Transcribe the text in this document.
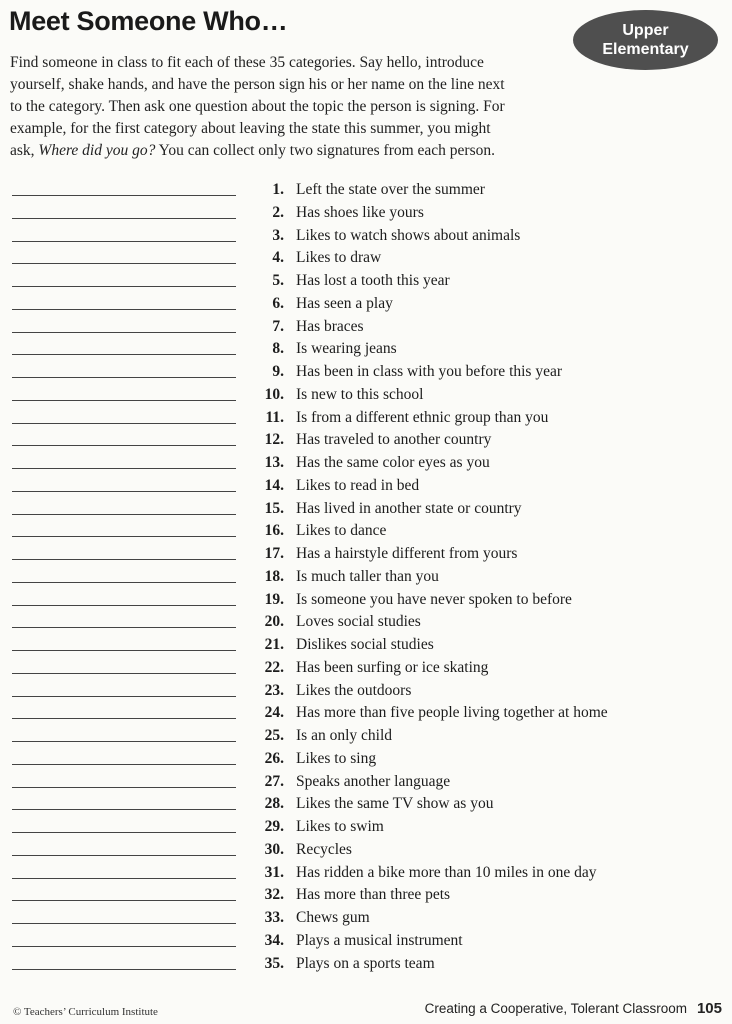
Meet Someone Who…	Upper
Elementary
Find someone in class to fit each of these 35 categories. Say hello, introduce
yourself, shake hands, and have the person sign his or her name on the line next
to the category. Then ask one question about the topic the person is signing. For
example, for the first category about leaving the state this summer, you might
ask, Where did you go? You can collect only two signatures from each person.
1. Left the state over the summer
2. Has shoes like yours
3. Likes to watch shows about animals
4. Likes to draw
5. Has lost a tooth this year
6. Has seen a play
7. Has braces
8. Is wearing jeans
9. Has been in class with you before this year
10. Is new to this school
11. Is from a different ethnic group than you
12. Has traveled to another country
13. Has the same color eyes as you
14. Likes to read in bed
15. Has lived in another state or country
16. Likes to dance
17. Has a hairstyle different from yours
18. Is much taller than you
19. Is someone you have never spoken to before
20. Loves social studies
21. Dislikes social studies
22. Has been surfing or ice skating
23. Likes the outdoors
24. Has more than five people living together at home
25. Is an only child
26. Likes to sing
27. Speaks another language
28. Likes the same TV show as you
29. Likes to swim
30. Recycles
31. Has ridden a bike more than 10 miles in one day
32. Has more than three pets
33. Chews gum
34. Plays a musical instrument
35. Plays on a sports team
© Teachers’ Curriculum Institute	Creating a Cooperative, Tolerant Classroom 105
